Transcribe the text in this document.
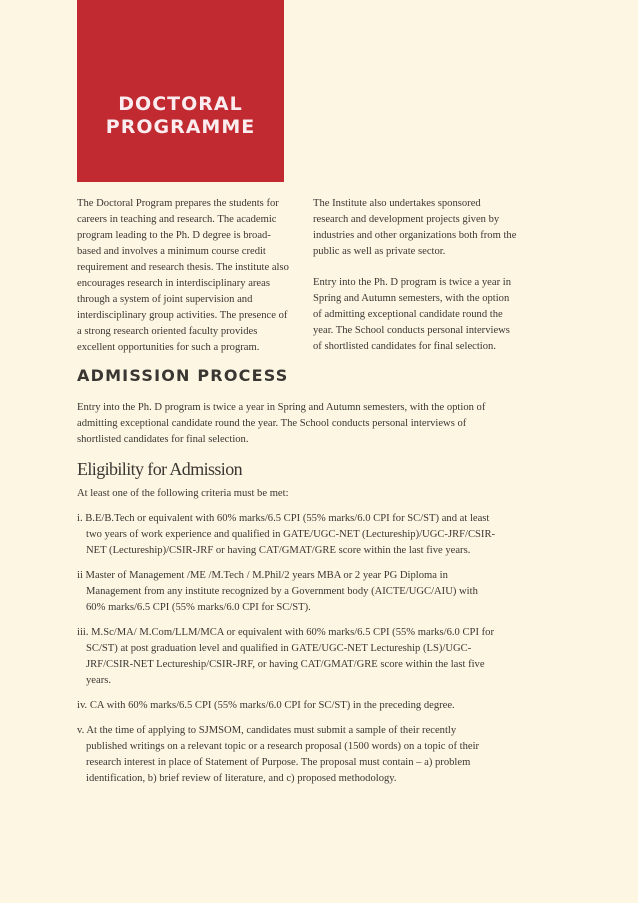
DOCTORAL PROGRAMME

The Doctoral Program prepares the students for careers in teaching and research. The academic program leading to the Ph. D degree is broad-based and involves a minimum course credit requirement and research thesis. The institute also encourages research in interdisciplinary areas through a system of joint supervision and interdisciplinary group activities. The presence of a strong research oriented faculty provides excellent opportunities for such a program.

The Institute also undertakes sponsored research and development projects given by industries and other organizations both from the public as well as private sector.

Entry into the Ph. D program is twice a year in Spring and Autumn semesters, with the option of admitting exceptional candidate round the year. The School conducts personal interviews of shortlisted candidates for final selection.

ADMISSION PROCESS
Entry into the Ph. D program is twice a year in Spring and Autumn semesters, with the option of admitting exceptional candidate round the year. The School conducts personal interviews of shortlisted candidates for final selection.
Eligibility for Admission

At least one of the following criteria must be met:

i. B.E/B.Tech or equivalent with 60% marks/6.5 CPI (55% marks/6.0 CPI for SC/ST) and at least two years of work experience and qualified in GATE/UGC-NET (Lectureship)/UGC-JRF/CSIR-NET (Lectureship)/CSIR-JRF or having CAT/GMAT/GRE score within the last five years.

ii Master of Management /ME /M.Tech / M.Phil/2 years MBA or 2 year PG Diploma in Management from any institute recognized by a Government body (AICTE/UGC/AIU) with 60% marks/6.5 CPI (55% marks/6.0 CPI for SC/ST).

iii. M.Sc/MA/ M.Com/LLM/MCA or equivalent with 60% marks/6.5 CPI (55% marks/6.0 CPI for SC/ST) at post graduation level and qualified in GATE/UGC-NET Lectureship (LS)/UGC-JRF/CSIR-NET Lectureship/CSIR-JRF, or having CAT/GMAT/GRE score within the last five years.

iv. CA with 60% marks/6.5 CPI (55% marks/6.0 CPI for SC/ST) in the preceding degree.

v. At the time of applying to SJMSOM, candidates must submit a sample of their recently published writings on a relevant topic or a research proposal (1500 words) on a topic of their research interest in place of Statement of Purpose. The proposal must contain – a) problem identification, b) brief review of literature, and c) proposed methodology.
